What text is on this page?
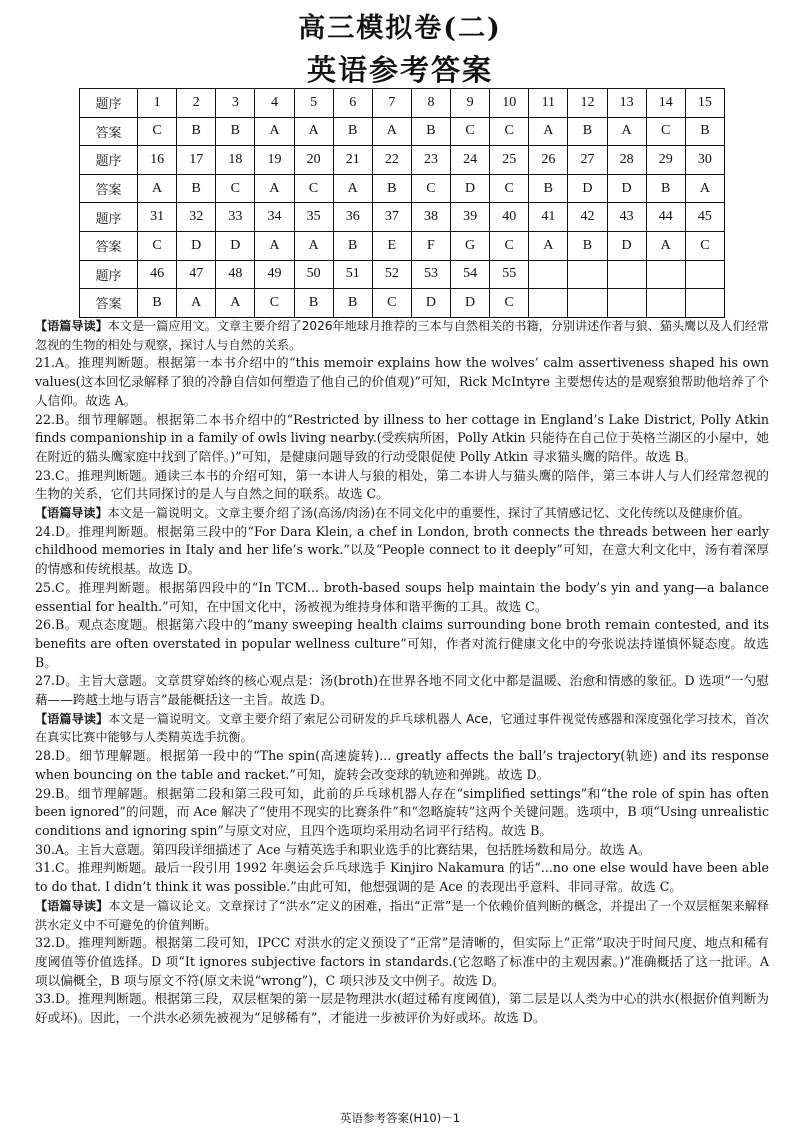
高三模拟卷(二)
英语参考答案
题序	1	2	3	4	5	6	7	8	9	10	11	12	13	14	15
答案	C	B	B	A	A	B	A	B	C	C	A	B	A	C	B
题序	16	17	18	19	20	21	22	23	24	25	26	27	28	29	30
答案	A	B	C	A	C	A	B	C	D	C	B	D	D	B	A
题序	31	32	33	34	35	36	37	38	39	40	41	42	43	44	45
答案	C	D	D	A	A	B	E	F	G	C	A	B	D	A	C
题序	46	47	48	49	50	51	52	53	54	55					
答案	B	A	A	C	B	B	C	D	D	C					

【语篇导读】本文是一篇应用文。文章主要介绍了2026年地球月推荐的三本与自然相关的书籍，分别讲述作者与狼、猫头鹰以及人们经常忽视的生物的相处与观察，探讨人与自然的关系。

21.A。推理判断题。根据第一本书介绍中的“this memoir explains how the wolves’ calm assertiveness shaped his own values(这本回忆录解释了狼的冷静自信如何塑造了他自己的价值观)”可知，Rick McIntyre 主要想传达的是观察狼帮助他培养了个人信仰。故选 A。

22.B。细节理解题。根据第二本书介绍中的“Restricted by illness to her cottage in England’s Lake District, Polly Atkin finds companionship in a family of owls living nearby.(受疾病所困，Polly Atkin 只能待在自己位于英格兰湖区的小屋中，她在附近的猫头鹰家庭中找到了陪伴。)”可知，是健康问题导致的行动受限促使 Polly Atkin 寻求猫头鹰的陪伴。故选 B。

23.C。推理判断题。通读三本书的介绍可知，第一本讲人与狼的相处，第二本讲人与猫头鹰的陪伴，第三本讲人与人们经常忽视的生物的关系，它们共同探讨的是人与自然之间的联系。故选 C。

【语篇导读】本文是一篇说明文。文章主要介绍了汤(高汤/肉汤)在不同文化中的重要性，探讨了其情感记忆、文化传统以及健康价值。

24.D。推理判断题。根据第三段中的“For Dara Klein, a chef in London, broth connects the threads between her early childhood memories in Italy and her life’s work.”以及“People connect to it deeply”可知，在意大利文化中，汤有着深厚的情感和传统根基。故选 D。

25.C。推理判断题。根据第四段中的“In TCM... broth-based soups help maintain the body’s yin and yang—a balance essential for health.”可知，在中国文化中，汤被视为维持身体和谐平衡的工具。故选 C。

26.B。观点态度题。根据第六段中的“many sweeping health claims surrounding bone broth remain contested, and its benefits are often overstated in popular wellness culture”可知，作者对流行健康文化中的夸张说法持谨慎怀疑态度。故选 B。

27.D。主旨大意题。文章贯穿始终的核心观点是：汤(broth)在世界各地不同文化中都是温暖、治愈和情感的象征。D 选项“一勺慰藉——跨越土地与语言”最能概括这一主旨。故选 D。

【语篇导读】本文是一篇说明文。文章主要介绍了索尼公司研发的乒乓球机器人 Ace，它通过事件视觉传感器和深度强化学习技术，首次在真实比赛中能够与人类精英选手抗衡。

28.D。细节理解题。根据第一段中的“The spin(高速旋转)... greatly affects the ball’s trajectory(轨迹) and its response when bouncing on the table and racket.”可知，旋转会改变球的轨迹和弹跳。故选 D。

29.B。细节理解题。根据第二段和第三段可知，此前的乒乓球机器人存在“simplified settings”和“the role of spin has often been ignored”的问题，而 Ace 解决了“使用不现实的比赛条件”和“忽略旋转”这两个关键问题。选项中，B 项“Using unrealistic conditions and ignoring spin”与原文对应，且四个选项均采用动名词平行结构。故选 B。

30.A。主旨大意题。第四段详细描述了 Ace 与精英选手和职业选手的比赛结果，包括胜场数和局分。故选 A。

31.C。推理判断题。最后一段引用 1992 年奥运会乒乓球选手 Kinjiro Nakamura 的话“...no one else would have been able to do that. I didn’t think it was possible.”由此可知，他想强调的是 Ace 的表现出乎意料、非同寻常。故选 C。

【语篇导读】本文是一篇议论文。文章探讨了“洪水”定义的困难，指出“正常”是一个依赖价值判断的概念，并提出了一个双层框架来解释洪水定义中不可避免的价值判断。

32.D。推理判断题。根据第二段可知，IPCC 对洪水的定义预设了“正常”是清晰的，但实际上“正常”取决于时间尺度、地点和稀有度阈值等价值选择。D 项“It ignores subjective factors in standards.(它忽略了标准中的主观因素。)”准确概括了这一批评。A 项以偏概全，B 项与原文不符(原文未说“wrong”)，C 项只涉及文中例子。故选 D。

33.D。推理判断题。根据第三段，双层框架的第一层是物理洪水(超过稀有度阈值)，第二层是以人类为中心的洪水(根据价值判断为好或坏)。因此，一个洪水必须先被视为“足够稀有”，才能进一步被评价为好或坏。故选 D。

英语参考答案(H10)－1
